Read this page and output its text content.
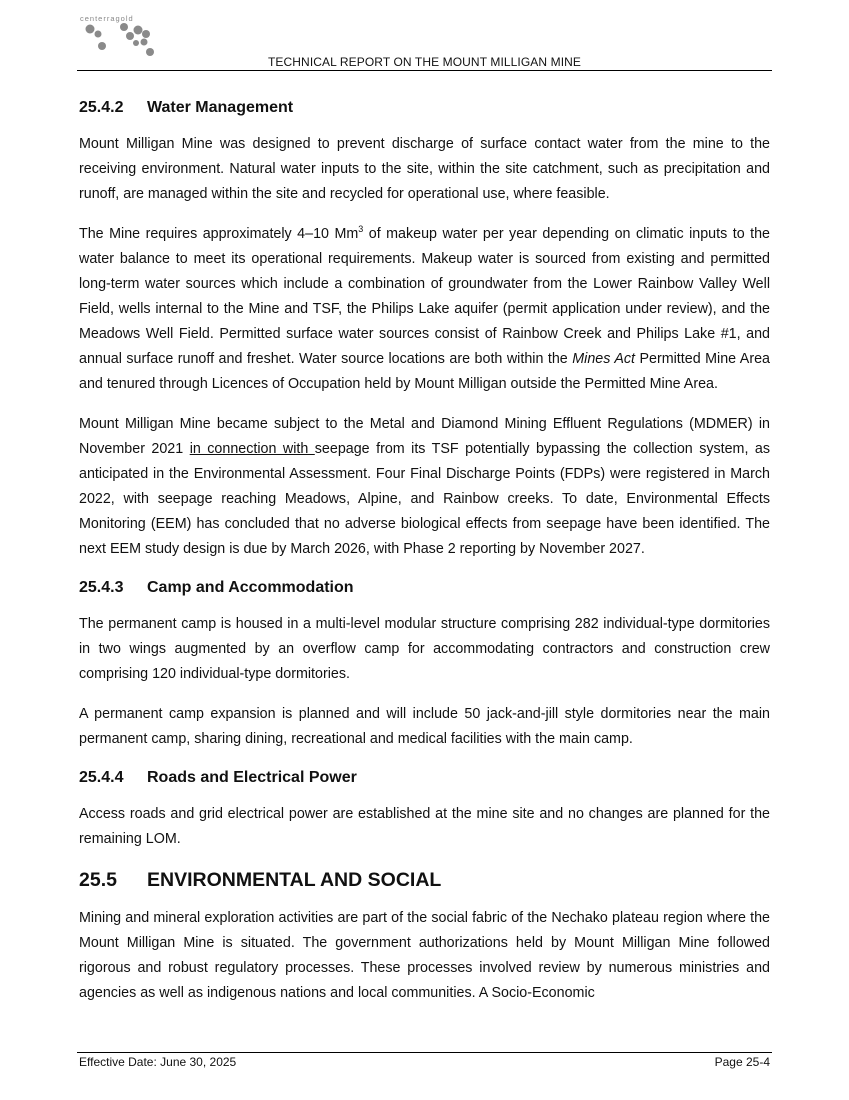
centerragold
TECHNICAL REPORT ON THE MOUNT MILLIGAN MINE
25.4.2 Water Management

Mount Milligan Mine was designed to prevent discharge of surface contact water from the mine to the receiving environment. Natural water inputs to the site, within the site catchment, such as precipitation and runoff, are managed within the site and recycled for operational use, where feasible.

The Mine requires approximately 4–10 Mm$^3$ of makeup water per year depending on climatic inputs to the water balance to meet its operational requirements. Makeup water is sourced from existing and permitted long-term water sources which include a combination of groundwater from the Lower Rainbow Valley Well Field, wells internal to the Mine and TSF, the Philips Lake aquifer (permit application under review), and the Meadows Well Field. Permitted surface water sources consist of Rainbow Creek and Philips Lake #1, and annual surface runoff and freshet. Water source locations are both within the Mines Act Permitted Mine Area and tenured through Licences of Occupation held by Mount Milligan outside the Permitted Mine Area.

Mount Milligan Mine became subject to the Metal and Diamond Mining Effluent Regulations (MDMER) in November 2021 in connection with seepage from its TSF potentially bypassing the collection system, as anticipated in the Environmental Assessment. Four Final Discharge Points (FDPs) were registered in March 2022, with seepage reaching Meadows, Alpine, and Rainbow creeks. To date, Environmental Effects Monitoring (EEM) has concluded that no adverse biological effects from seepage have been identified. The next EEM study design is due by March 2026, with Phase 2 reporting by November 2027.

25.4.3 Camp and Accommodation

The permanent camp is housed in a multi-level modular structure comprising 282 individual-type dormitories in two wings augmented by an overflow camp for accommodating contractors and construction crew comprising 120 individual-type dormitories.

A permanent camp expansion is planned and will include 50 jack-and-jill style dormitories near the main permanent camp, sharing dining, recreational and medical facilities with the main camp.

25.4.4 Roads and Electrical Power

Access roads and grid electrical power are established at the mine site and no changes are planned for the remaining LOM.

25.5 ENVIRONMENTAL AND SOCIAL

Mining and mineral exploration activities are part of the social fabric of the Nechako plateau region where the Mount Milligan Mine is situated. The government authorizations held by Mount Milligan Mine followed rigorous and robust regulatory processes. These processes involved review by numerous ministries and agencies as well as indigenous nations and local communities. A Socio-Economic

Effective Date: June 30, 2025	Page 25-4
